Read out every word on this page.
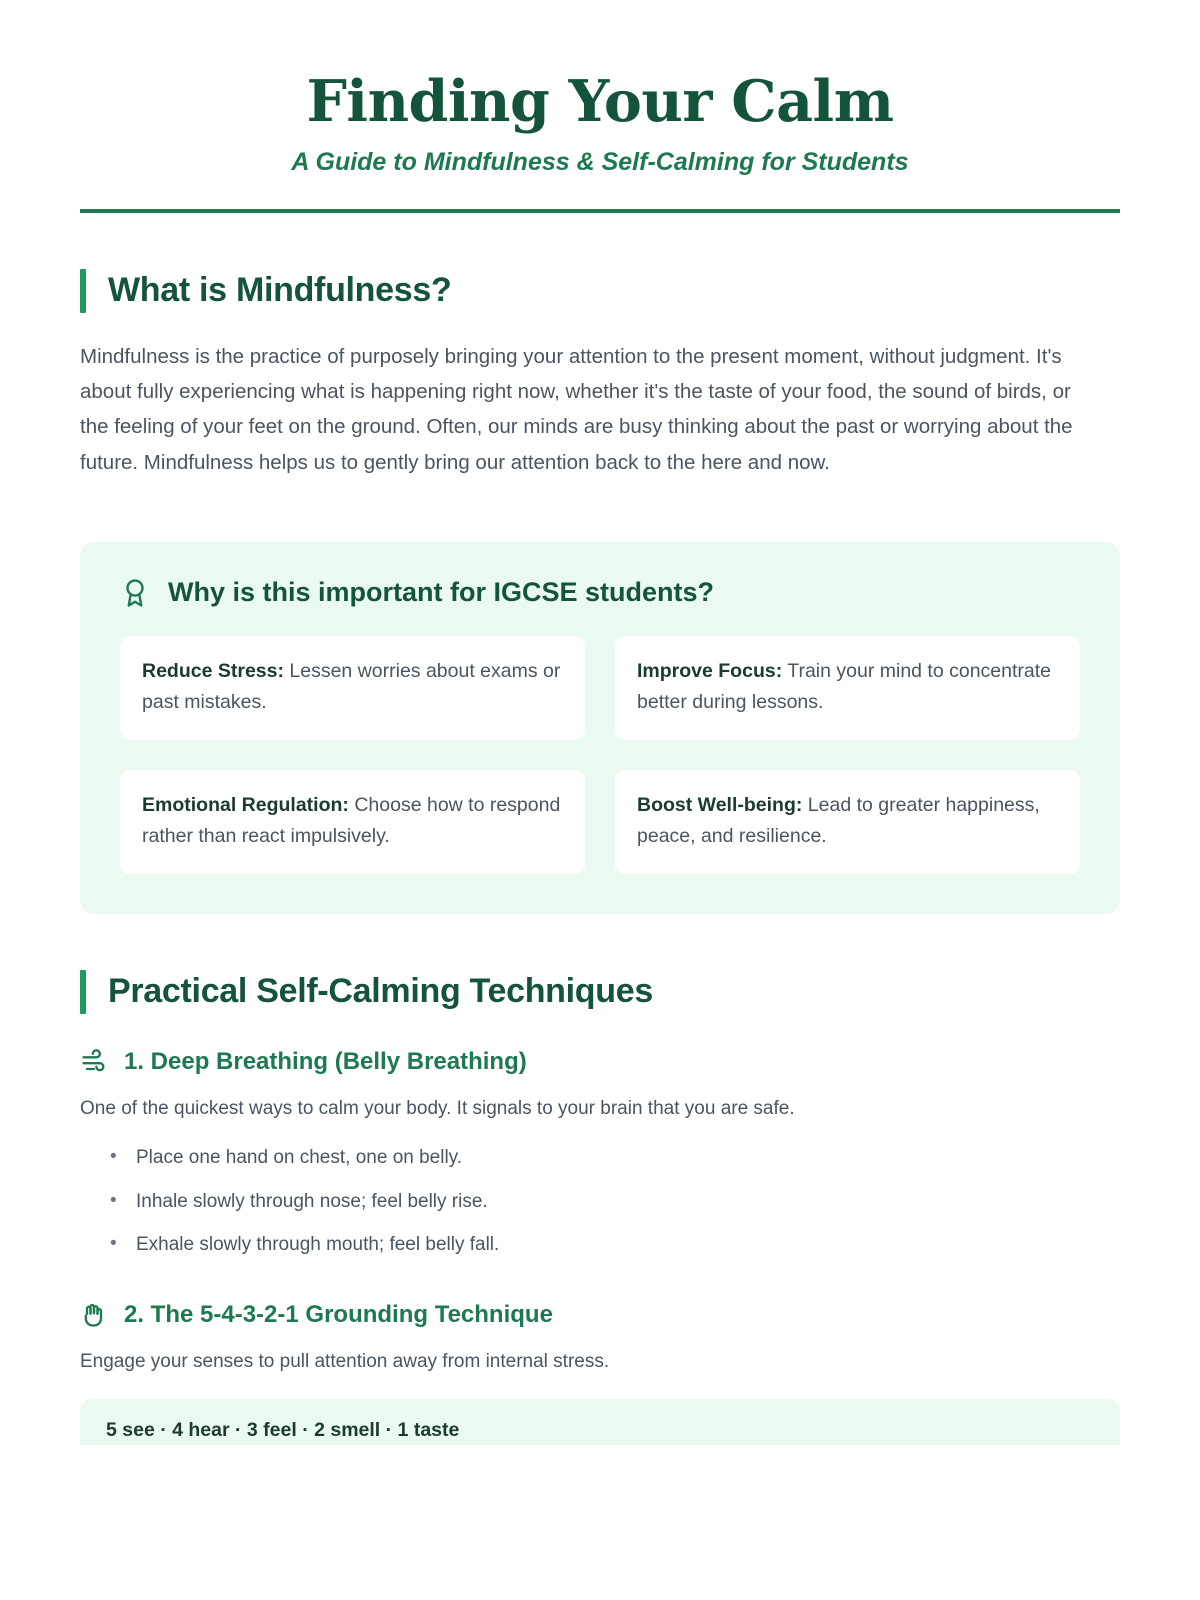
Finding Your Calm
A Guide to Mindfulness & Self-Calming for Students
What is Mindfulness?

Mindfulness is the practice of purposely bringing your attention to the present moment, without judgment. It's about fully experiencing what is happening right now, whether it's the taste of your food, the sound of birds, or the feeling of your feet on the ground. Often, our minds are busy thinking about the past or worrying about the future. Mindfulness helps us to gently bring our attention back to the here and now.

Why is this important for IGCSE students?
Reduce Stress: Lessen worries about exams or past mistakes.
Improve Focus: Train your mind to concentrate better during lessons.
Emotional Regulation: Choose how to respond rather than react impulsively.
Boost Well-being: Lead to greater happiness, peace, and resilience.
Practical Self-Calming Techniques
1. Deep Breathing (Belly Breathing)

One of the quickest ways to calm your body. It signals to your brain that you are safe.

• Place one hand on chest, one on belly.
• Inhale slowly through nose; feel belly rise.
• Exhale slowly through mouth; feel belly fall.
2. The 5-4-3-2-1 Grounding Technique

Engage your senses to pull attention away from internal stress.

5 see · 4 hear · 3 feel · 2 smell · 1 taste
